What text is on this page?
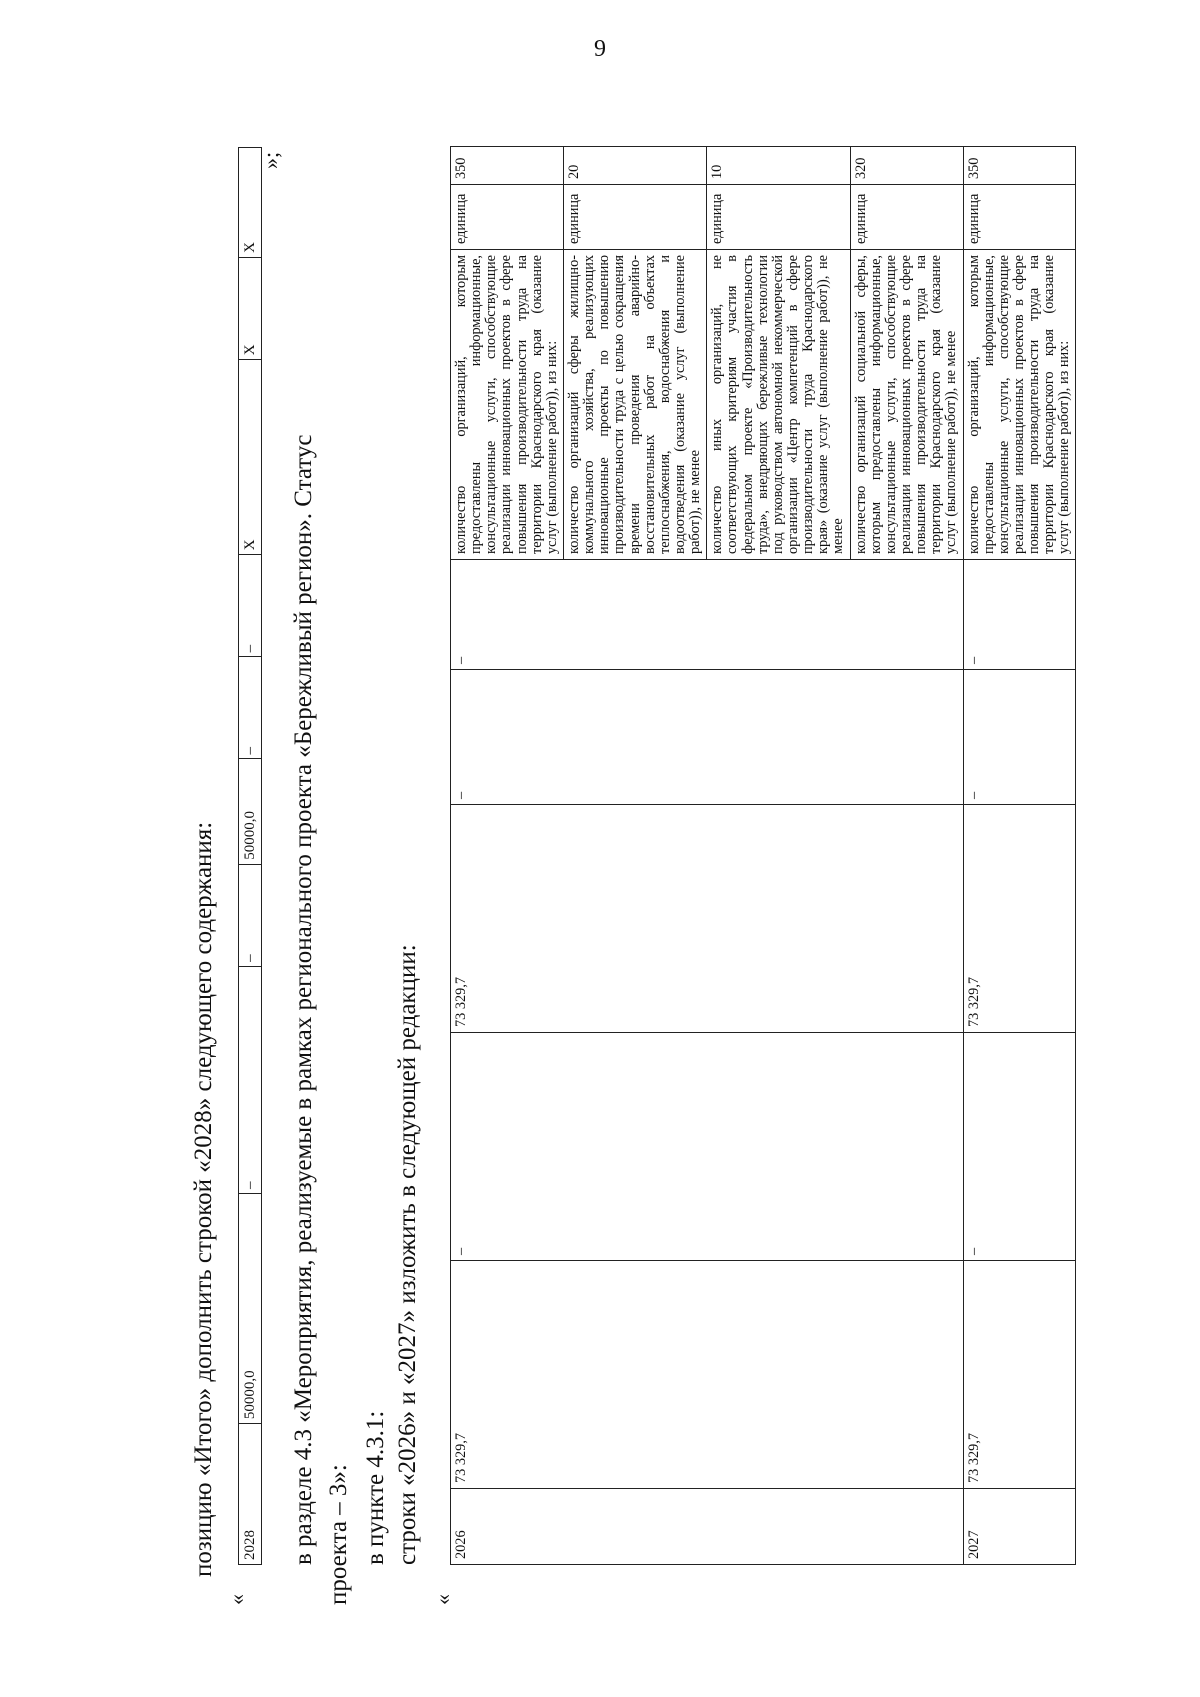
9
позицию «Итого» дополнить строкой «2028» следующего содержания:
«
2028	50000,0	–	–	50000,0	–	–	Х	Х	Х
»;
в разделе 4.3 «Мероприятия, реализуемые в рамках регионального проекта «Бережливый регион». Статус проекта – 3»: в пункте 4.3.1: строки «2026» и «2027» изложить в следующей редакции:
«
2026	73 329,7	–	73 329,7	–	–	количество организаций, которым предоставлены информационные, консультационные услуги, способствующие реализации инновационных проектов в сфере повышения производительности труда на территории Краснодарского края (оказание услуг (выполнение работ)), из них:	единица	350
						количество организаций сферы жилищно-коммунального хозяйства, реализующих инновационные проекты по повышению производительности труда с целью сокращения времени проведения аварийно-восстановительных работ на объектах теплоснабжения, водоснабжения и водоотведения (оказание услуг (выполнение работ)), не менее	единица	20
						количество иных организаций, не соответствующих критериям участия в федеральном проекте «Производительность труда», внедряющих бережливые технологии под руководством автономной некоммерческой организации «Центр компетенций в сфере производительности труда Краснодарского края» (оказание услуг (выполнение работ)), не менее	единица	10
						количество организаций социальной сферы, которым предоставлены информационные, консультационные услуги, способствующие реализации инновационных проектов в сфере повышения производительности труда на территории Краснодарского края (оказание услуг (выполнение работ)), не менее	единица	320
2027	73 329,7	–	73 329,7	–	–	количество организаций, которым предоставлены информационные, консультационные услуги, способствующие реализации инновационных проектов в сфере повышения производительности труда на территории Краснодарского края (оказание услуг (выполнение работ)), из них:	единица	350
